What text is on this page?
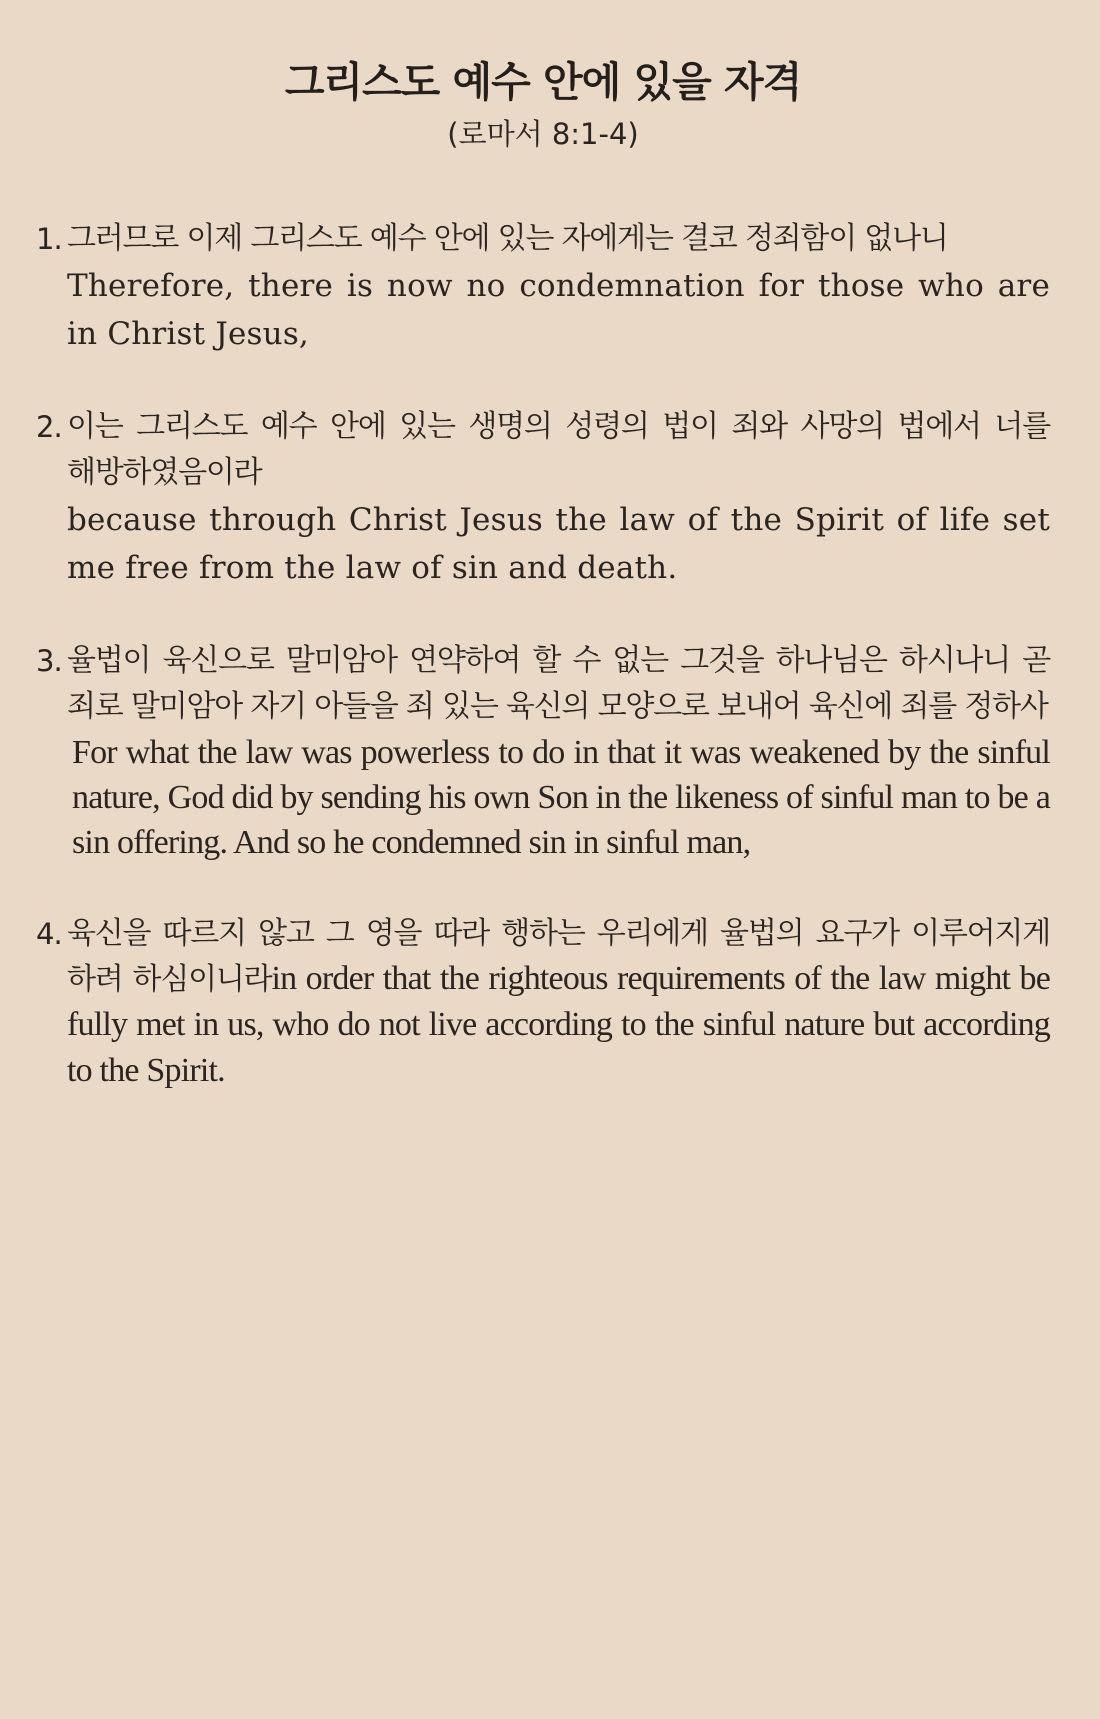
그리스도 예수 안에 있을 자격
(로마서 8:1-4)
1. 그러므로 이제 그리스도 예수 안에 있는 자에게는 결코 정죄함이 없나니
Therefore, there is now no condemnation for those who are in Christ Jesus,
2. 이는 그리스도 예수 안에 있는 생명의 성령의 법이 죄와 사망의 법에서 너를 해방하였음이라
because through Christ Jesus the law of the Spirit of life set me free from the law of sin and death.
3. 율법이 육신으로 말미암아 연약하여 할 수 없는 그것을 하나님은 하시나니 곧 죄로 말미암아 자기 아들을 죄 있는 육신의 모양으로 보내어 육신에 죄를 정하사
For what the law was powerless to do in that it was weakened by the sinful nature, God did by sending his own Son in the likeness of sinful man to be a sin offering. And so he condemned sin in sinful man,
4. 육신을 따르지 않고 그 영을 따라 행하는 우리에게 율법의 요구가 이루어지게 하려 하심이니라in order that the righteous requirements of the law might be fully met in us, who do not live according to the sinful nature but according to the Spirit.
